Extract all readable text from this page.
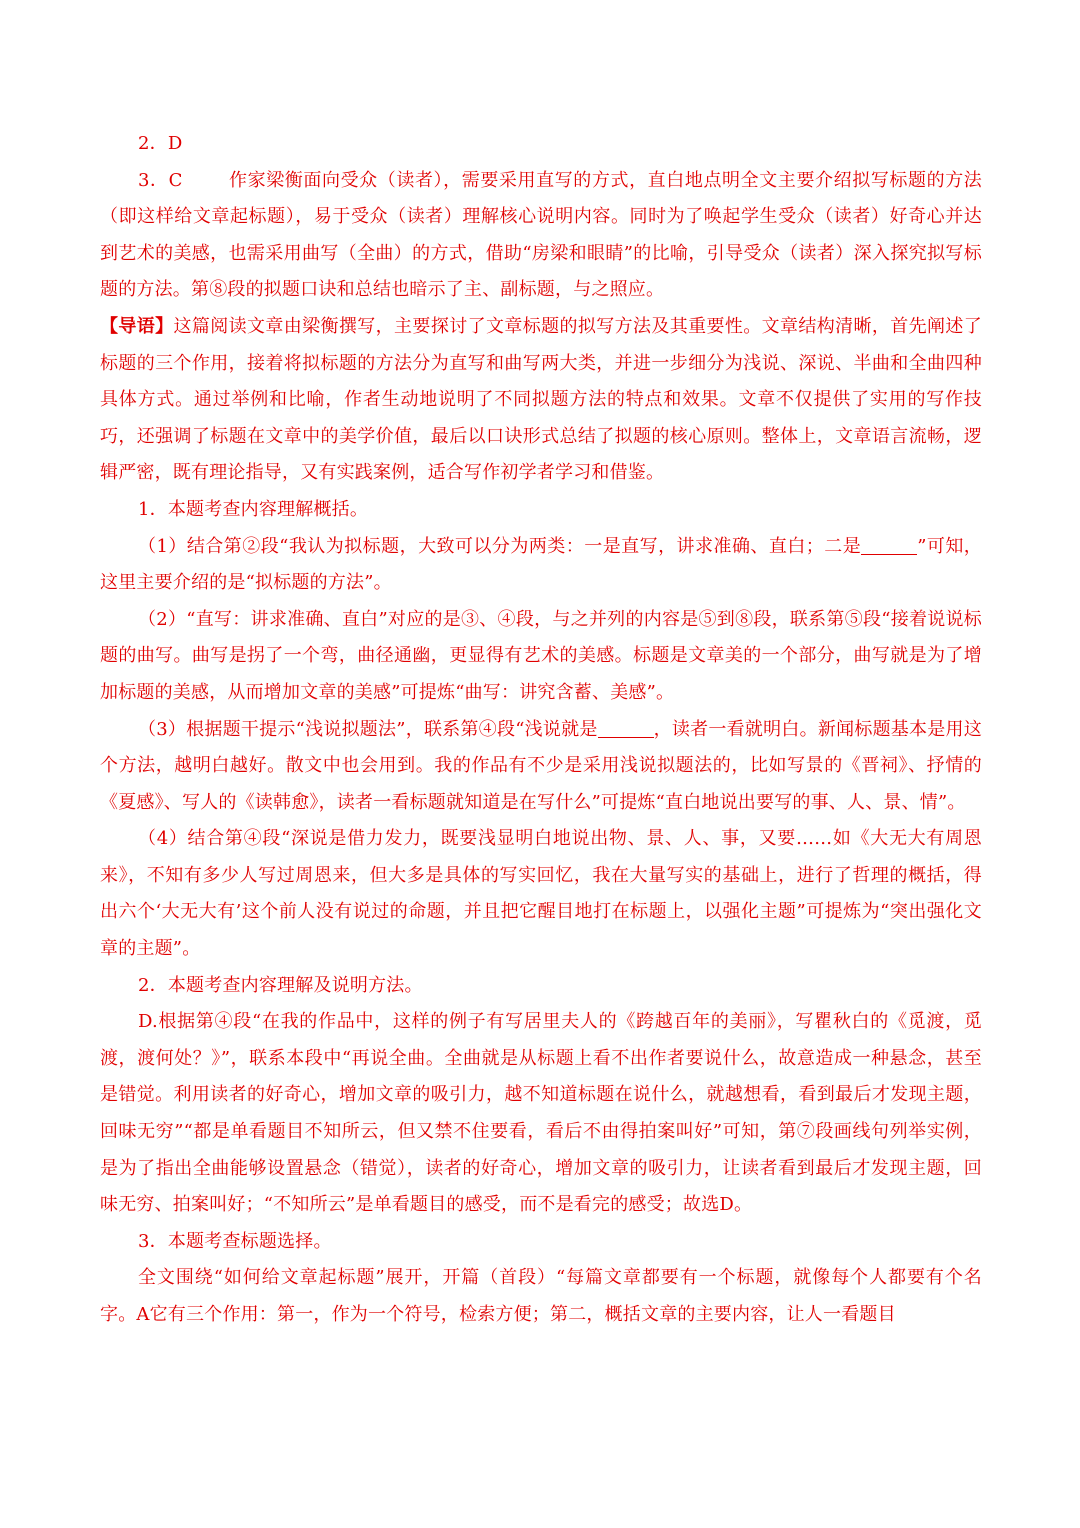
2．D

3．C	作家梁衡面向受众（读者），需要采用直写的方式，直白地点明全文主要介绍拟写标题的方法（即这样给文章起标题），易于受众（读者）理解核心说明内容。同时为了唤起学生受众（读者）好奇心并达到艺术的美感，也需采用曲写（全曲）的方式，借助“房梁和眼睛”的比喻，引导受众（读者）深入探究拟写标题的方法。第⑧段的拟题口诀和总结也暗示了主、副标题，与之照应。

【导语】这篇阅读文章由梁衡撰写，主要探讨了文章标题的拟写方法及其重要性。文章结构清晰，首先阐述了标题的三个作用，接着将拟标题的方法分为直写和曲写两大类，并进一步细分为浅说、深说、半曲和全曲四种具体方式。通过举例和比喻，作者生动地说明了不同拟题方法的特点和效果。文章不仅提供了实用的写作技巧，还强调了标题在文章中的美学价值，最后以口诀形式总结了拟题的核心原则。整体上，文章语言流畅，逻辑严密，既有理论指导，又有实践案例，适合写作初学者学习和借鉴。

1．本题考查内容理解概括。

（1）结合第②段“我认为拟标题，大致可以分为两类：一是直写，讲求准确、直白；二是	”可知，这里主要介绍的是“拟标题的方法”。

（2）“直写：讲求准确、直白”对应的是③、④段，与之并列的内容是⑤到⑧段，联系第⑤段“接着说说标题的曲写。曲写是拐了一个弯，曲径通幽，更显得有艺术的美感。标题是文章美的一个部分，曲写就是为了增加标题的美感，从而增加文章的美感”可提炼“曲写：讲究含蓄、美感”。

（3）根据题干提示“浅说拟题法”，联系第④段“浅说就是	，读者一看就明白。新闻标题基本是用这个方法，越明白越好。散文中也会用到。我的作品有不少是采用浅说拟题法的，比如写景的《晋祠》、抒情的《夏感》、写人的《读韩愈》，读者一看标题就知道是在写什么”可提炼“直白地说出要写的事、人、景、情”。

（4）结合第④段“深说是借力发力，既要浅显明白地说出物、景、人、事，又要……如《大无大有周恩来》，不知有多少人写过周恩来，但大多是具体的写实回忆，我在大量写实的基础上，进行了哲理的概括，得出六个‘大无大有’这个前人没有说过的命题，并且把它醒目地打在标题上，以强化主题”可提炼为“突出强化文章的主题”。

2．本题考查内容理解及说明方法。

D.根据第④段“在我的作品中，这样的例子有写居里夫人的《跨越百年的美丽》，写瞿秋白的《觅渡，觅渡，渡何处？》”，联系本段中“再说全曲。全曲就是从标题上看不出作者要说什么，故意造成一种悬念，甚至是错觉。利用读者的好奇心，增加文章的吸引力，越不知道标题在说什么，就越想看，看到最后才发现主题，回味无穷”“都是单看题目不知所云，但又禁不住要看，看后不由得拍案叫好”可知，第⑦段画线句列举实例，是为了指出全曲能够设置悬念（错觉），读者的好奇心，增加文章的吸引力，让读者看到最后才发现主题，回味无穷、拍案叫好；“不知所云”是单看题目的感受，而不是看完的感受；故选D。

3．本题考查标题选择。

全文围绕“如何给文章起标题”展开，开篇（首段）“每篇文章都要有一个标题，就像每个人都要有个名字。A它有三个作用：第一，作为一个符号，检索方便；第二，概括文章的主要内容，让人一看题目
